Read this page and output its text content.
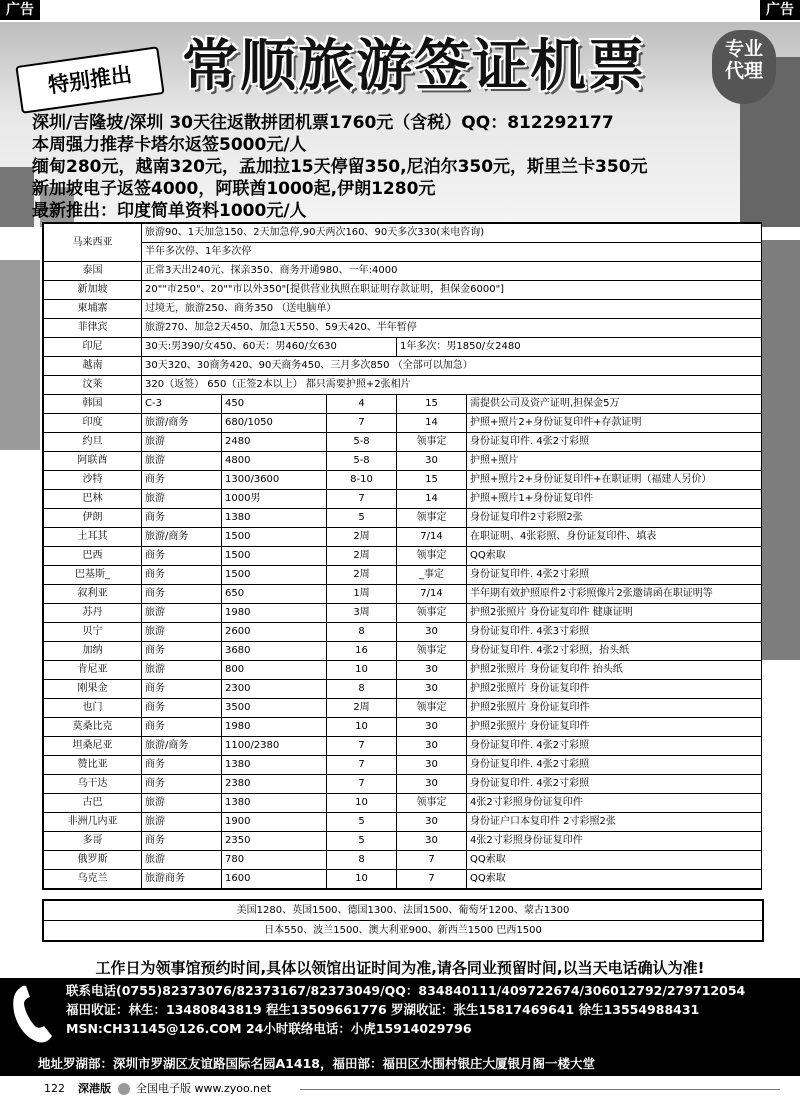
广告	广告
特别推出 常顺旅游签证机票	专业
代理
深圳/吉隆坡/深圳 30天往返散拼团机票1760元（含税）QQ：812292177
本周强力推荐卡塔尔返签5000元/人
缅甸280元，越南320元，孟加拉15天停留350,尼泊尔350元，斯里兰卡350元
新加坡电子返签4000，阿联酋1000起,伊朗1280元
最新推出：印度简单资料1000元/人
马来西亚	旅游90、1天加急150、2天加急停,90天两次160、90天多次330(来电咨询)				
	半年多次停、1年多次停				
泰国	正常3天出240元、探亲350、商务开通980、一年:4000				
新加坡	20""市250"、20""市以外350"[提供营业执照在职证明存款证明，担保金6000"]				
柬埔寨	过境无，旅游250、商务350 （送电脑单）				
菲律宾	旅游270、加急2天450、加急1天550、59天420、半年暂停				
印尼	30天:男390/女450、60天：男460/女630			1年多次：男1850/女2480	
越南	30天320、30商务420、90天商务450、三月多次850 （全部可以加急）				
汶莱	320（返签） 650（正签2本以上） 都只需要护照+2张相片				
韩国	C-3	450	4	15	需提供公司及资产证明,担保金5万
印度	旅游/商务	680/1050	7	14	护照+照片2+身份证复印件+存款证明
约旦	旅游	2480	5-8	领事定	身份证复印件. 4张2寸彩照
阿联酋	旅游	4800	5-8	30	护照+照片
沙特	商务	1300/3600	8-10	15	护照+照片2+身份证复印件+在职证明（福建人另价）
巴林	旅游	1000男	7	14	护照+照片1+身份证复印件
伊朗	商务	1380	5	领事定	身份证复印件2寸彩照2张
土耳其	旅游/商务	1500	2周	7/14	在职证明、4张彩照、身份证复印件、填表
巴西	商务	1500	2周	领事定	QQ索取
巴基斯_	商务	1500	2周	_事定	身份证复印件. 4张2寸彩照
叙利亚	商务	650	1周	7/14	半年期有效护照原件2寸彩照像片2张邀请函在职证明等
苏丹	旅游	1980	3周	领事定	护照2张照片 身份证复印件 健康证明
贝宁	旅游	2600	8	30	身份证复印件. 4张3寸彩照
加纳	商务	3680	16	领事定	身份证复印件. 4张2寸彩照，抬头纸
肯尼亚	旅游	800	10	30	护照2张照片 身份证复印件 抬头纸
刚果金	商务	2300	8	30	护照2张照片 身份证复印件
也门	商务	3500	2周	领事定	护照2张照片 身份证复印件
莫桑比克	商务	1980	10	30	护照2张照片 身份证复印件
坦桑尼亚	旅游/商务	1100/2380	7	30	身份证复印件. 4张2寸彩照
赞比亚	商务	1380	7	30	身份证复印件. 4张2寸彩照
乌干达	商务	2380	7	30	身份证复印件. 4张2寸彩照
古巴	旅游	1380	10	领事定	4张2寸彩照身份证复印件
非洲几内亚	旅游	1900	5	30	身份证户口本复印件 2寸彩照2张
多哥	商务	2350	5	30	4张2寸彩照身份证复印件
俄罗斯	旅游	780	8	7	QQ索取
乌克兰	旅游商务	1600	10	7	QQ索取
美国1280、英国1500、德国1300、法国1500、葡萄牙1200、蒙古1300
日本550、波兰1500、澳大利亚900、新西兰1500 巴西1500
工作日为领事馆预约时间,具体以领馆出证时间为准,请各同业预留时间,以当天电话确认为准!
联系电话(0755)82373076/82373167/82373049/QQ：834840111/409722674/306012792/279712054
福田收证：林生：13480843819 程生13509661776 罗湖收证：张生15817469641 徐生13554988431
MSN:CH31145@126.COM 24小时联络电话：小虎15914029796
地址罗湖部：深圳市罗湖区友谊路国际名园A1418，福田部：福田区水围村银庄大厦银月阁一楼大堂
122 深港版 全国电子版 www.zyoo.net
